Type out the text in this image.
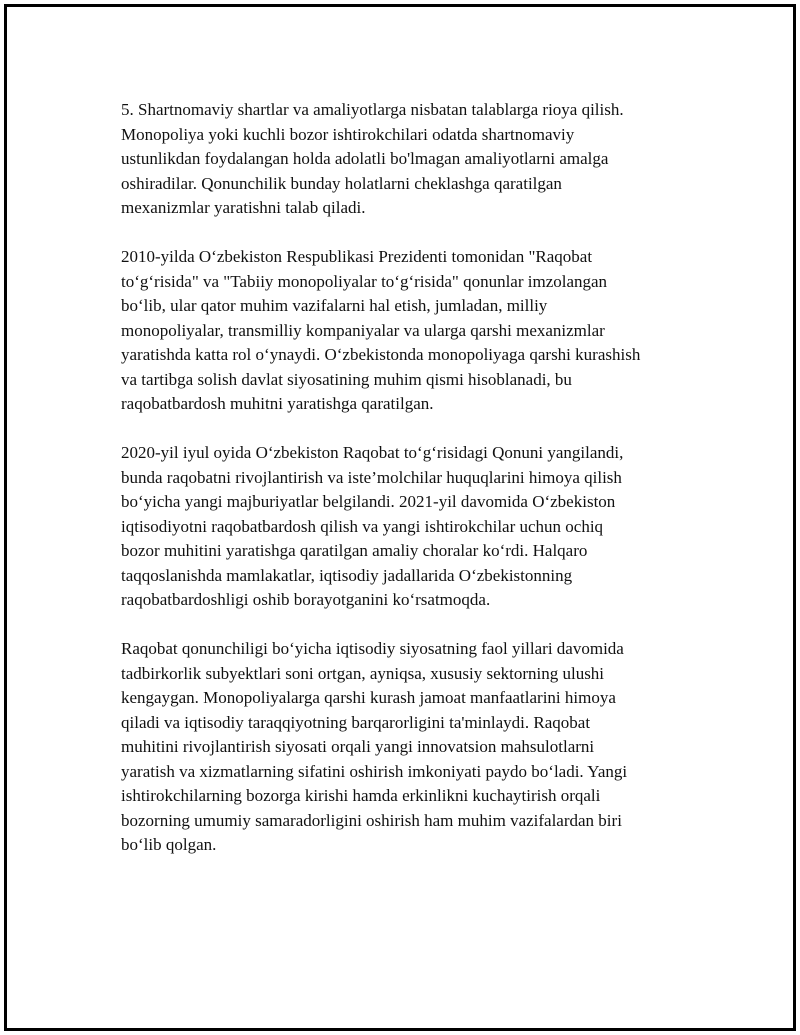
5. Shartnomaviy shartlar va amaliyotlarga nisbatan talablarga rioya qilish.
Monopoliya yoki kuchli bozor ishtirokchilari odatda shartnomaviy
ustunlikdan foydalangan holda adolatli bo'lmagan amaliyotlarni amalga
oshiradilar. Qonunchilik bunday holatlarni cheklashga qaratilgan
mexanizmlar yaratishni talab qiladi.

2010-yilda O‘zbekiston Respublikasi Prezidenti tomonidan "Raqobat
to‘g‘risida" va "Tabiiy monopoliyalar to‘g‘risida" qonunlar imzolangan
bo‘lib, ular qator muhim vazifalarni hal etish, jumladan, milliy
monopoliyalar, transmilliy kompaniyalar va ularga qarshi mexanizmlar
yaratishda katta rol o‘ynaydi. O‘zbekistonda monopoliyaga qarshi kurashish
va tartibga solish davlat siyosatining muhim qismi hisoblanadi, bu
raqobatbardosh muhitni yaratishga qaratilgan.

2020-yil iyul oyida O‘zbekiston Raqobat to‘g‘risidagi Qonuni yangilandi,
bunda raqobatni rivojlantirish va iste’molchilar huquqlarini himoya qilish
bo‘yicha yangi majburiyatlar belgilandi. 2021-yil davomida O‘zbekiston
iqtisodiyotni raqobatbardosh qilish va yangi ishtirokchilar uchun ochiq
bozor muhitini yaratishga qaratilgan amaliy choralar ko‘rdi. Halqaro
taqqoslanishda mamlakatlar, iqtisodiy jadallarida O‘zbekistonning
raqobatbardoshligi oshib borayotganini ko‘rsatmoqda.

Raqobat qonunchiligi bo‘yicha iqtisodiy siyosatning faol yillari davomida
tadbirkorlik subyektlari soni ortgan, ayniqsa, xususiy sektorning ulushi
kengaygan. Monopoliyalarga qarshi kurash jamoat manfaatlarini himoya
qiladi va iqtisodiy taraqqiyotning barqarorligini ta'minlaydi. Raqobat
muhitini rivojlantirish siyosati orqali yangi innovatsion mahsulotlarni
yaratish va xizmatlarning sifatini oshirish imkoniyati paydo bo‘ladi. Yangi
ishtirokchilarning bozorga kirishi hamda erkinlikni kuchaytirish orqali
bozorning umumiy samaradorligini oshirish ham muhim vazifalardan biri
bo‘lib qolgan.
